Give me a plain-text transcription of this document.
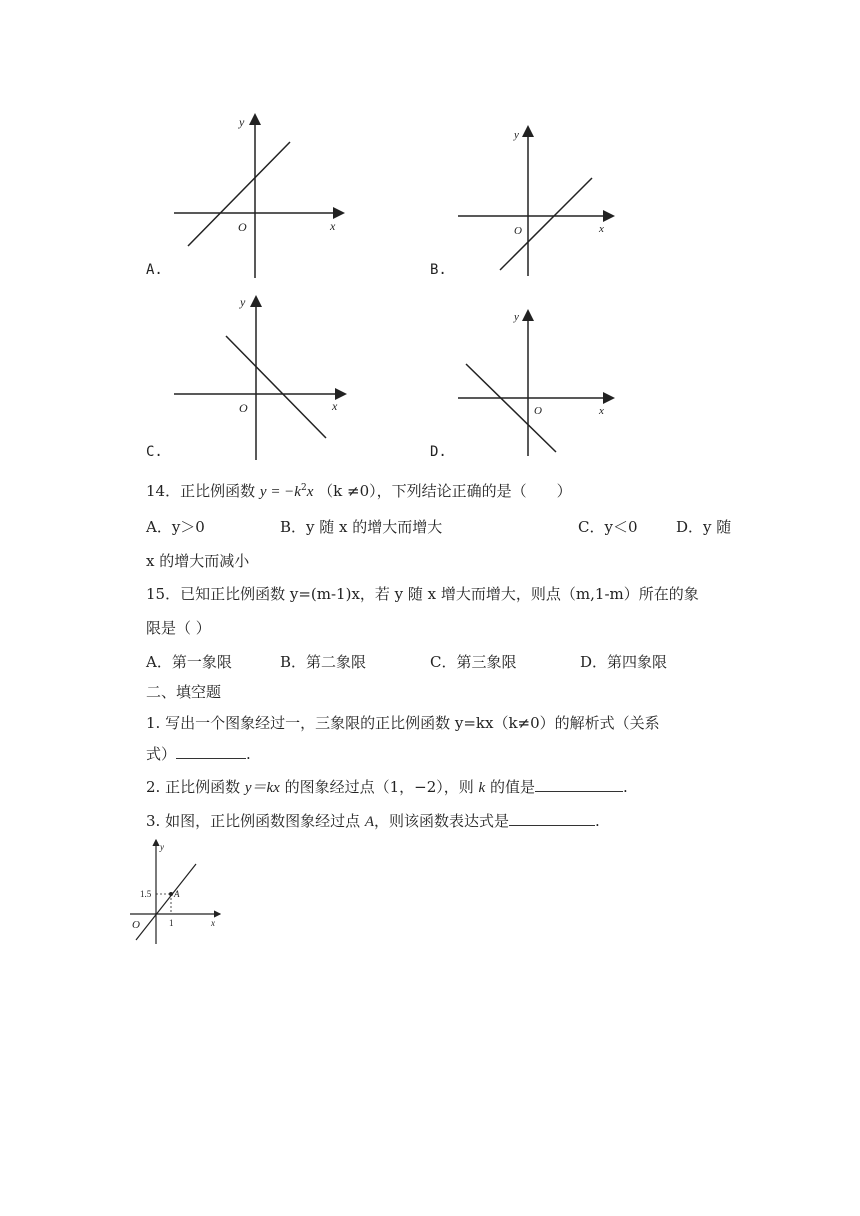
O	x
y
A.
O	x
y
B.
O	x
y
C.
O	x
y
D.
14．正比例函数 $y = -k^2x$ （k ≠0），下列结论正确的是（　　）
A．y＞0	B．y 随 x 的增大而增大	C．y＜0	D．y 随
x 的增大而减小
15．已知正比例函数 y=(m-1)x，若 y 随 x 增大而增大，则点（m,1-m）所在的象
限是（ ）
A．第一象限	B．第二象限	C．第三象限	D．第四象限
二、填空题
1. 写出一个图象经过一，三象限的正比例函数 y=kx（k≠0）的解析式（关系
式）	.
2. 正比例函数 y＝kx 的图象经过点（1，−2），则 k 的值是	.
3. 如图，正比例函数图象经过点 A，则该函数表达式是	.
A
1.5
1
O	x
y
